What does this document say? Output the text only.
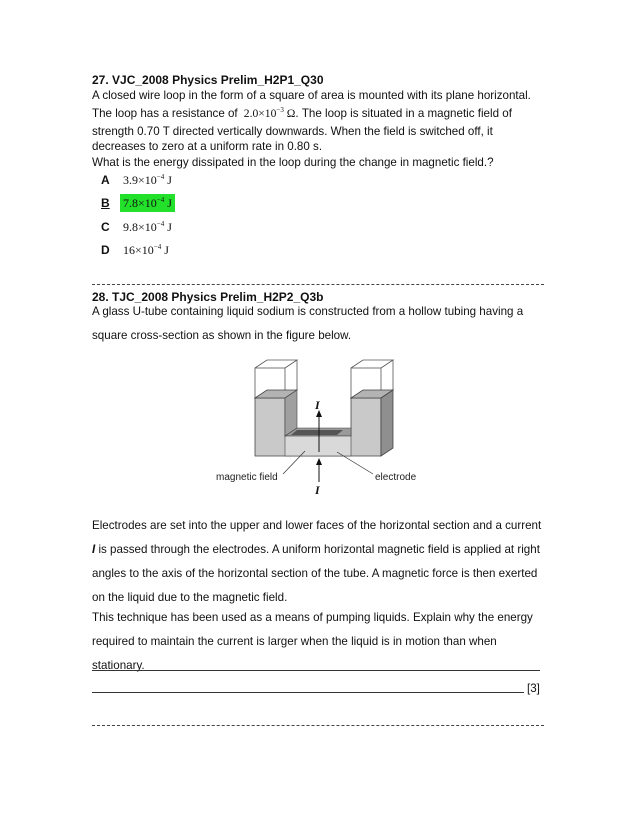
27. VJC_2008 Physics Prelim_H2P1_Q30
A closed wire loop in the form of a square of area is mounted with its plane horizontal.
The loop has a resistance of  $2.0\times 10^{-3}$ Ω. The loop is situated in a magnetic field of
strength 0.70 T directed vertically downwards. When the field is switched off, it
decreases to zero at a uniform rate in 0.80 s.
What is the energy dissipated in the loop during the change in magnetic field.?
A $3.9\times 10^{-4}$ J
B $7.8\times 10^{-4}$ J
C $9.8\times 10^{-4}$ J
D $16\times 10^{-4}$ J
28. TJC_2008 Physics Prelim_H2P2_Q3b
A glass U-tube containing liquid sodium is constructed from a hollow tubing having a
square cross-section as shown in the figure below.
I
I
magnetic field	electrode
Electrodes are set into the upper and lower faces of the horizontal section and a current
I is passed through the electrodes. A uniform horizontal magnetic field is applied at right
angles to the axis of the horizontal section of the tube. A magnetic force is then exerted
on the liquid due to the magnetic field.
This technique has been used as a means of pumping liquids. Explain why the energy
required to maintain the current is larger when the liquid is in motion than when
stationary.
[3]
